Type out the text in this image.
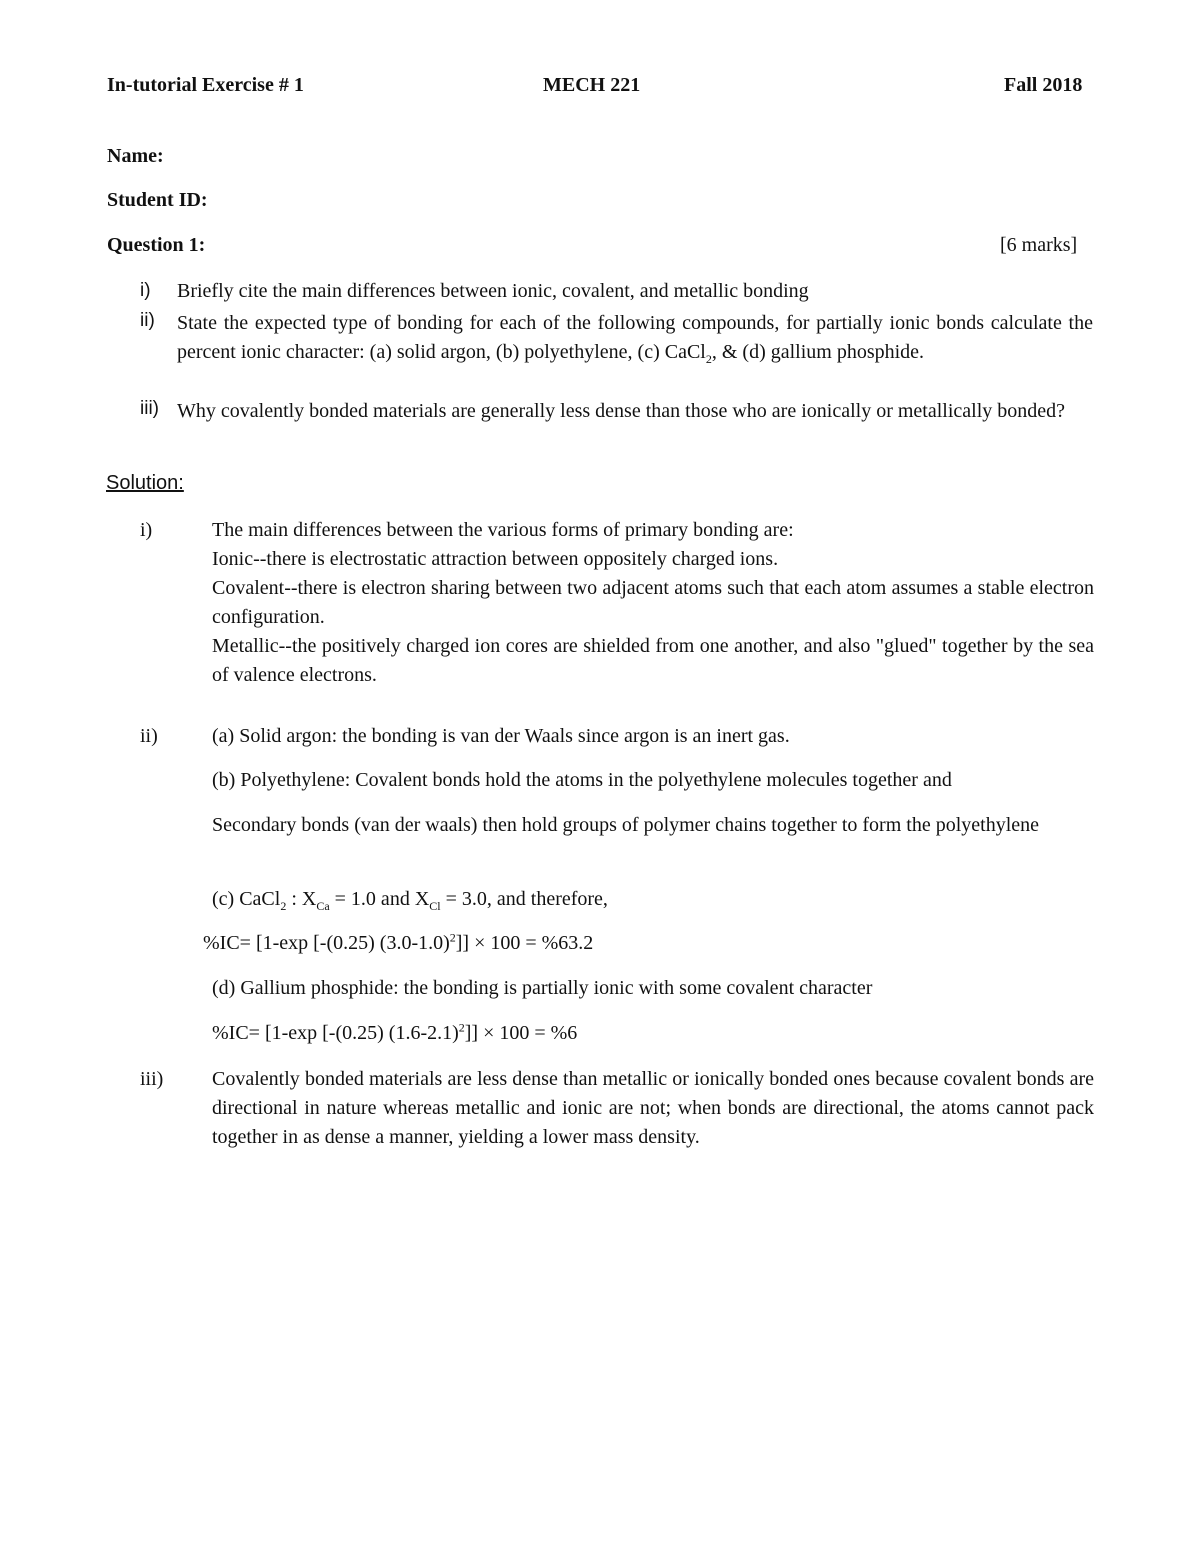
In-tutorial Exercise # 1	MECH 221	Fall 2018
Name:
Student ID:
Question 1:	[6 marks]
i) Briefly cite the main differences between ionic, covalent, and metallic bonding
ii) State the expected type of bonding for each of the following compounds, for partially ionic bonds calculate the percent ionic character: (a) solid argon, (b) polyethylene, (c) CaCl$_2$, & (d) gallium phosphide.
iii) Why covalently bonded materials are generally less dense than those who are ionically or metallically bonded?
Solution:
i)	The main differences between the various forms of primary bonding are:
Ionic--there is electrostatic attraction between oppositely charged ions.
Covalent--there is electron sharing between two adjacent atoms such that each atom assumes a stable electron configuration.
Metallic--the positively charged ion cores are shielded from one another, and also "glued" together by the sea of valence electrons.
ii)	(a) Solid argon: the bonding is van der Waals since argon is an inert gas.
(b) Polyethylene: Covalent bonds hold the atoms in the polyethylene molecules together and
Secondary bonds (van der waals) then hold groups of polymer chains together to form the polyethylene
(c) CaCl$_2$ : $X_{Ca} = 1.0$ and $X_{Cl} = 3.0$, and therefore,
%IC= [1-exp [-(0.25) $(3.0-1.0)^2]] \times 100 = \%63.2$
(d) Gallium phosphide: the bonding is partially ionic with some covalent character
%IC= [1-exp [-(0.25) $(1.6-2.1)^2]] \times 100 = \%6$
iii) Covalently bonded materials are less dense than metallic or ionically bonded ones because covalent bonds are directional in nature whereas metallic and ionic are not; when bonds are directional, the atoms cannot pack together in as dense a manner, yielding a lower mass density.
